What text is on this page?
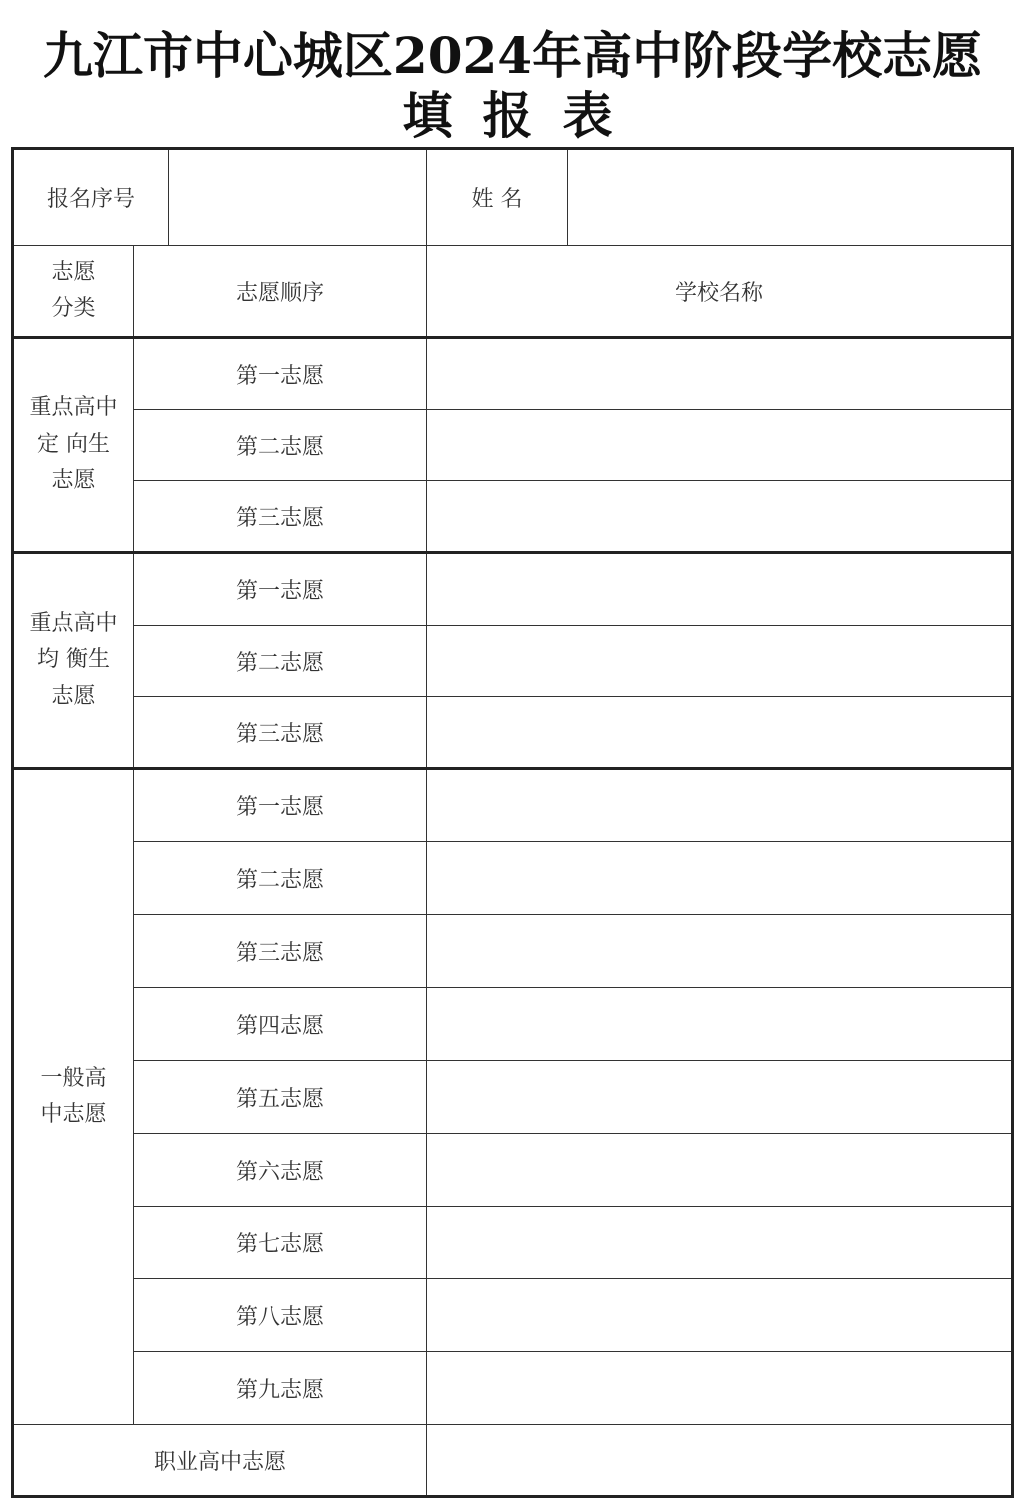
九江市中心城区2024年高中阶段学校志愿
填报表
报名序号			姓 名	
志愿
分类	志愿顺序		学校名称	
重点高中定 向生志愿	第一志愿			
	第二志愿			
	第三志愿			
重点高中均 衡生志愿	第一志愿			
	第二志愿			
	第三志愿			
一般高中志愿	第一志愿			
	第二志愿			
	第三志愿			
	第四志愿			
	第五志愿			
	第六志愿			
	第七志愿			
	第八志愿			
	第九志愿			
职业高中志愿				
